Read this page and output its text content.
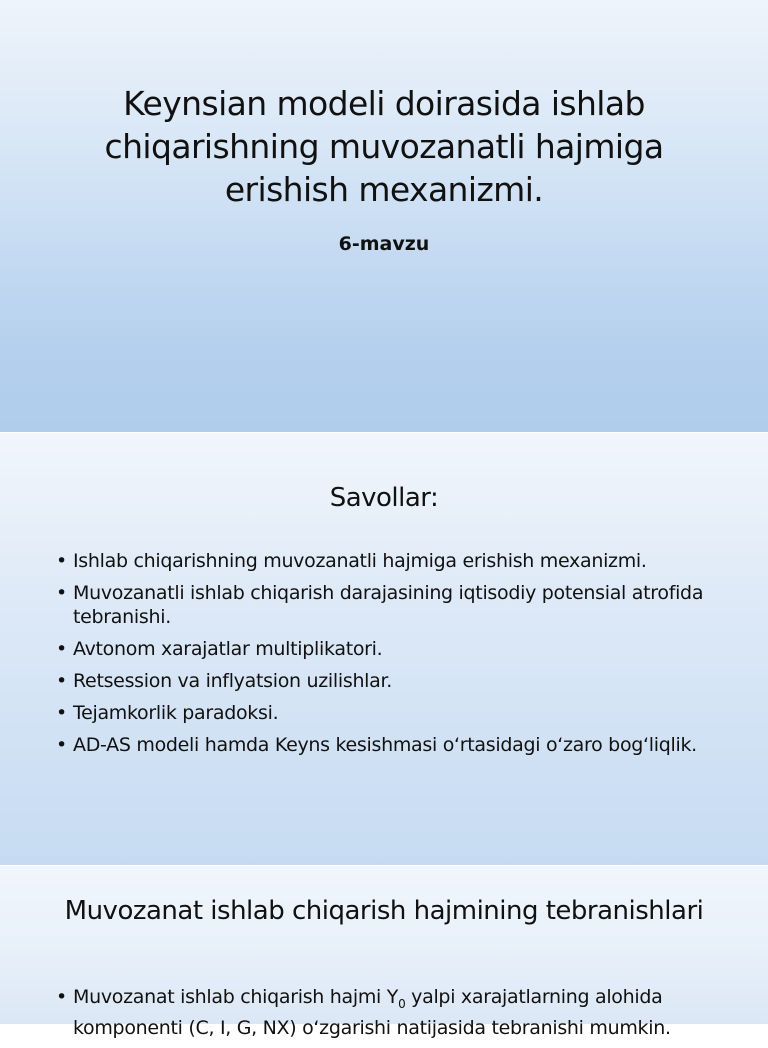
Keynsian modeli doirasida ishlab chiqarishning muvozanatli hajmiga erishish mexanizmi.
6-mavzu
Savollar:
• Ishlab chiqarishning muvozanatli hajmiga erishish mexanizmi.
• Muvozanatli ishlab chiqarish darajasining iqtisodiy potensial atrofida tebranishi.
• Avtonom xarajatlar multiplikatori.
• Retsession va inflyatsion uzilishlar.
• Tejamkorlik paradoksi.
• AD-AS modeli hamda Keyns kesishmasi o‘rtasidagi o‘zaro bog‘liqlik.
Muvozanat ishlab chiqarish hajmining tebranishlari
• Muvozanat ishlab chiqarish hajmi $Y_0$ yalpi xarajatlarning alohida komponenti (C, I, G, NX) o‘zgarishi natijasida tebranishi mumkin.
